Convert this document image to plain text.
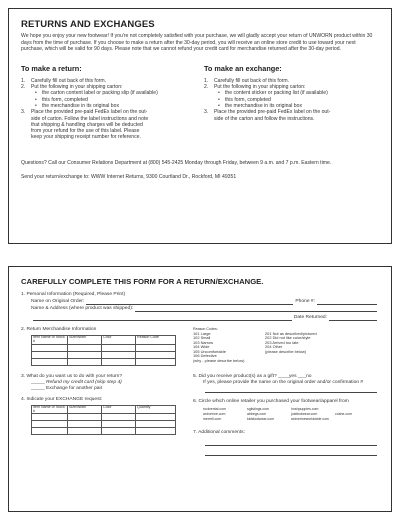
RETURNS AND EXCHANGES
We hope you enjoy your new footwear! If you're not completely satisfied with your purchase, we will gladly accept your return of UNWORN product within 30 days from the time of purchase. If you choose to make a return after the 30-day period, you will receive an online store credit to use toward your next purchase, which will be valid for 90 days. Please note that we cannot refund your credit card for merchandise returned after the 30-day period.
To make a return:
1.	Carefully fill out back of this form.
2.	Put the following in your shipping carton:
•	the carton content label or packing slip (if available)
•	this form, completed
•	the merchandise in its original box
3.	Place the provided pre-paid FedEx label on the out-
side of carton. Follow the label instructions and note
that shipping & handling charges will be deducted
from your refund for the use of this label. Please
keep your shipping receipt number for reference.
To make an exchange:
1.	Carefully fill out back of this form.
2.	Put the following in your shipping carton:
•	the content sticker or packing list (if available)
•	this form, completed
•	the merchandise in its original box
3.	Place the provided pre-paid FedEx label on the out-
side of the carton and follow the instructions.
Questions? Call our Consumer Relations Department at (800) 545-2425 Monday through Friday, between 9 a.m. and 7 p.m. Eastern time.
Send your return/exchange to: WWW Internet Returns, 9300 Courtland Dr., Rockford, MI 49351
CAREFULLY COMPLETE THIS FORM FOR A RETURN/EXCHANGE.
1. Personal Information (Required, Please Print)
Name on Original Order:	Phone #:
Name & Address (where product was shipped):
Date Returned:
2. Return Merchandise Information
Item Name or Stock #	Size/Width	Color	Reason Code

Reason Codes:
101 Large
102 Small
103 Narrow
104 Wide
105 Uncomfortable
106 Defective
(why - please describe below)
201 Not as described/pictured
202 Did not like color/style
203 Arrived too late
204 Other
(please describe below)
3. What do you want us to do with your return?
_____ Refund my credit card (skip step 4)
_____ Exchange for another pair
4. Indicate your EXCHANGE request:
Item Name or Stock #	Size/Width	Color	Quantity

5. Did you receive product(s) as a gift? ____yes ___no
If yes, please provide the name on the original order and/or confirmation #
6. Circle which online retailer you purchased your footwear/apparel from
rockrental.com	sglistings.com	hushpuppies.com
wolverine.com	abbegs.com	justfootwear.com	cushe.com
merrell.com	kidsfootwear.com	wolverineworldwide.com
7. Additional comments:
